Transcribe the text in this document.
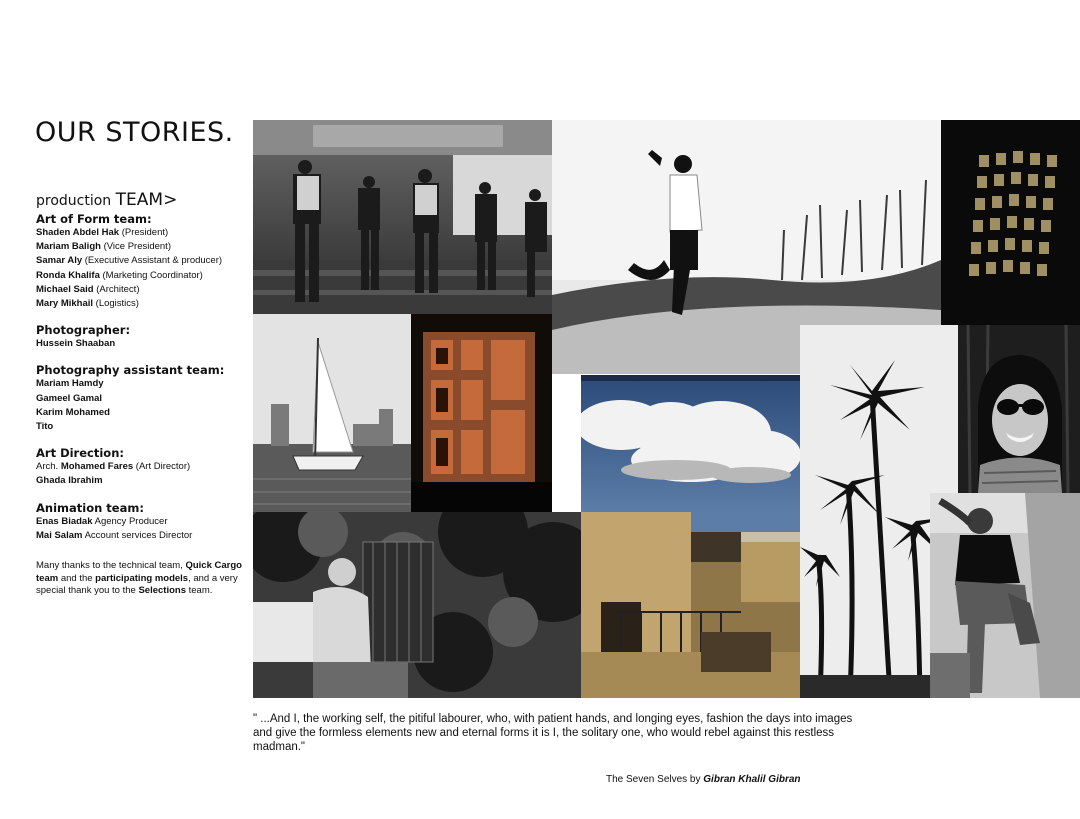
OUR STORIES.
production TEAM>
Art of Form team:
Shaden Abdel Hak (President)
Mariam Baligh (Vice President)
Samar Aly (Executive Assistant & producer)
Ronda Khalifa (Marketing Coordinator)
Michael Said (Architect)
Mary Mikhail (Logistics)
Photographer:
Hussein Shaaban
Photography assistant team:
Mariam Hamdy
Gameel Gamal
Karim Mohamed
Tito
Art Direction:
Arch. Mohamed Fares (Art Director)
Ghada Ibrahim
Animation team:
Enas Biadak Agency Producer
Mai Salam Account services Director
Many thanks to the technical team, Quick Cargo team and the participating models, and a very special thank you to the Selections team.
" ...And I, the working self, the pitiful labourer, who, with patient hands, and longing eyes, fashion the days into images and give the formless elements new and eternal forms it is I, the solitary one, who would rebel against this restless madman."
The Seven Selves by Gibran Khalil Gibran
